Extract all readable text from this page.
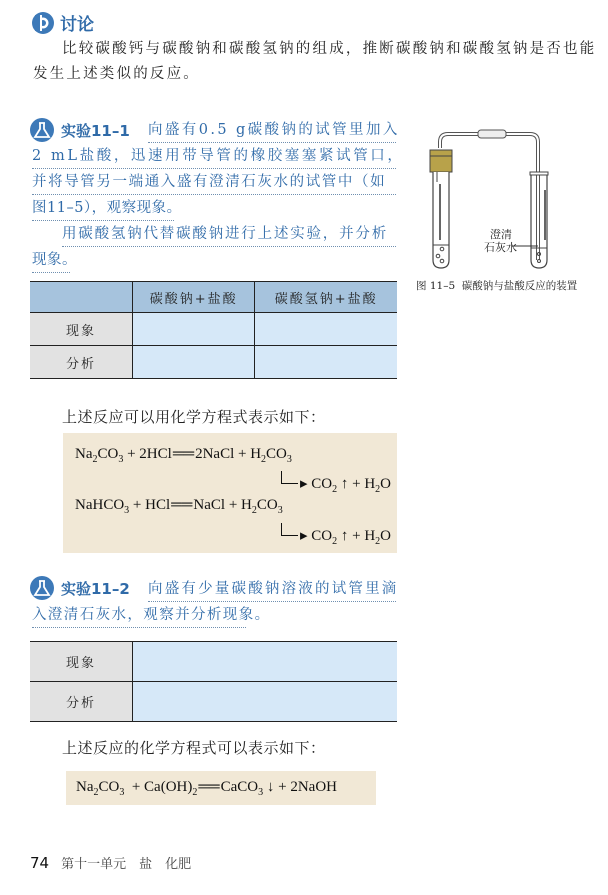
讨论
比较碳酸钙与碳酸钠和碳酸氢钠的组成，推断碳酸钠和碳酸氢钠是否也能
发生上述类似的反应。
实验11–1 向盛有0.5 g碳酸钠的试管里加入
2 mL盐酸，迅速用带导管的橡胶塞塞紧试管口，
并将导管另一端通入盛有澄清石灰水的试管中（如
图11–5），观察现象。
用碳酸氢钠代替碳酸钠进行上述实验，并分析
现象。
	碳酸钠+盐酸	碳酸氢钠+盐酸
现象		
分析		
澄清
石灰水
图 11–5  碳酸钠与盐酸反应的装置
上述反应可以用化学方程式表示如下：
$Na_2CO_3$ + 2HCl══2NaCl + $H_2CO_3$
▸ $CO_2$ ↑ + $H_2O$
NaHCO$_3$ + HCl══NaCl + $H_2CO_3$
▸ $CO_2$ ↑ + $H_2O$
实验11–2 向盛有少量碳酸钠溶液的试管里滴
入澄清石灰水，观察并分析现象。
现象	
分析	
上述反应的化学方程式可以表示如下：
$Na_2CO_3$  + $Ca(OH)_2══CaCO_3$ ↓ + 2NaOH
74 第十一单元　盐　化肥
